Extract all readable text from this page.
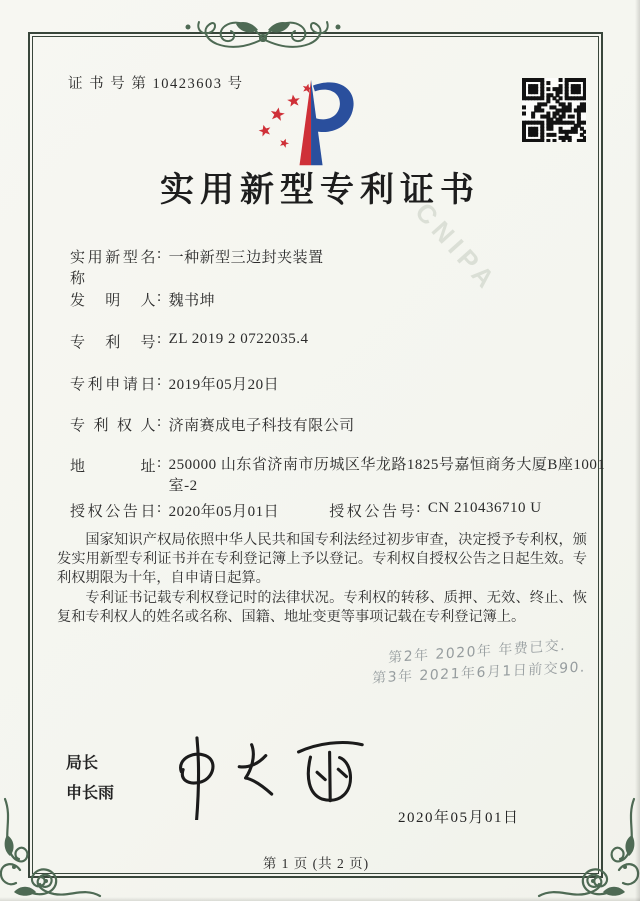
证 书 号 第 10423603 号
实用新型专利证书
CNIPA
实用新型名称
: 一种新型三边封夹装置
发明人 : 魏书坤
专利号 : ZL 2019 2 0722035.4
专利申请日 : 2019年05月20日
专利权人 : 济南赛成电子科技有限公司
地址 : 250000 山东省济南市历城区华龙路1825号嘉恒商务大厦B座1001室-2
授权公告日 : 2020年05月01日	授权公告号 : CN 210436710 U

国家知识产权局依照中华人民共和国专利法经过初步审查，决定授予专利权，颁发实用新型专利证书并在专利登记簿上予以登记。专利权自授权公告之日起生效。专利权期限为十年，自申请日起算。

专利证书记载专利权登记时的法律状况。专利权的转移、质押、无效、终止、恢复和专利权人的姓名或名称、国籍、地址变更等事项记载在专利登记簿上。

第2年 2020年 年费已交.
第3年 2021年6月1日前交90.
局长
申长雨
2020年05月01日
第 1 页 (共 2 页)
